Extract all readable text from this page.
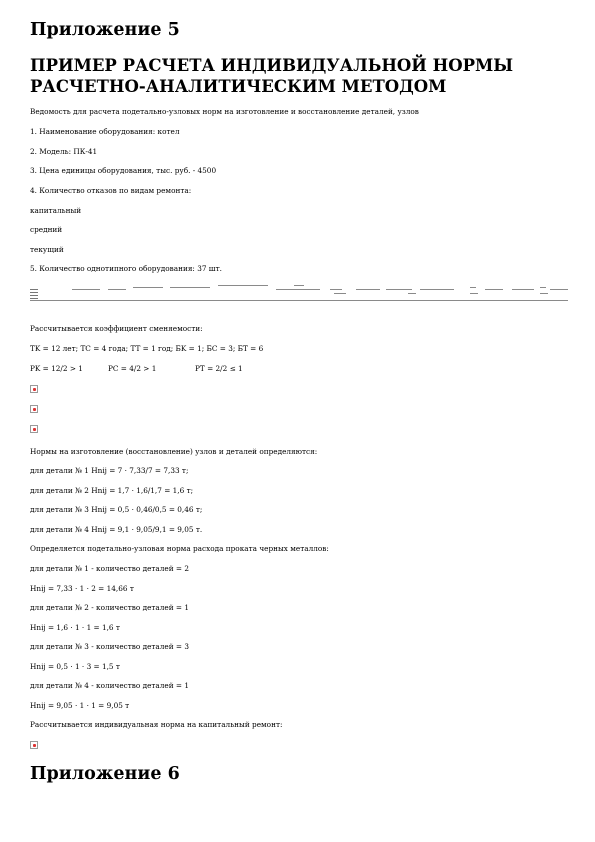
Приложение 5
ПРИМЕР РАСЧЕТА ИНДИВИДУАЛЬНОЙ НОРМЫ РАСЧЕТНО-АНАЛИТИЧЕСКИМ МЕТОДОМ
Ведомость для расчета подетально-узловых норм на изготовление и восстановление деталей, узлов
1. Наименование оборудования: котел
2. Модель: ПК-41
3. Цена единицы оборудования, тыс. руб. - 4500
4. Количество отказов по видам ремонта:
капитальный
средний
текущий
5. Количество однотипного оборудования: 37 шт.
Рассчитывается коэффициент сменяемости:
TK = 12 лет; TC = 4 года; TT = 1 год; БK = 1; БС = 3; БТ = 6
PK = 12/2 > 1	PC = 4/2 > 1	PT = 2/2 ≤ 1
Нормы на изготовление (восстановление) узлов и деталей определяются:
для детали № 1 Hnij = 7 · 7,33/7 = 7,33 т;
для детали № 2 Hnij = 1,7 · 1,6/1,7 = 1,6 т;
для детали № 3 Hnij = 0,5 · 0,46/0,5 = 0,46 т;
для детали № 4 Hnij = 9,1 · 9,05/9,1 = 9,05 т.
Определяется подетально-узловая норма расхода проката черных металлов:
для детали № 1 - количество деталей = 2
Hnij = 7,33 · 1 · 2 = 14,66 т
для детали № 2 - количество деталей = 1
Hnij = 1,6 · 1 · 1 = 1,6 т
для детали № 3 - количество деталей = 3
Hnij = 0,5 · 1 · 3 = 1,5 т
для детали № 4 - количество деталей = 1
Hnij = 9,05 · 1 · 1 = 9,05 т
Рассчитывается индивидуальная норма на капитальный ремонт:
Приложение 6
